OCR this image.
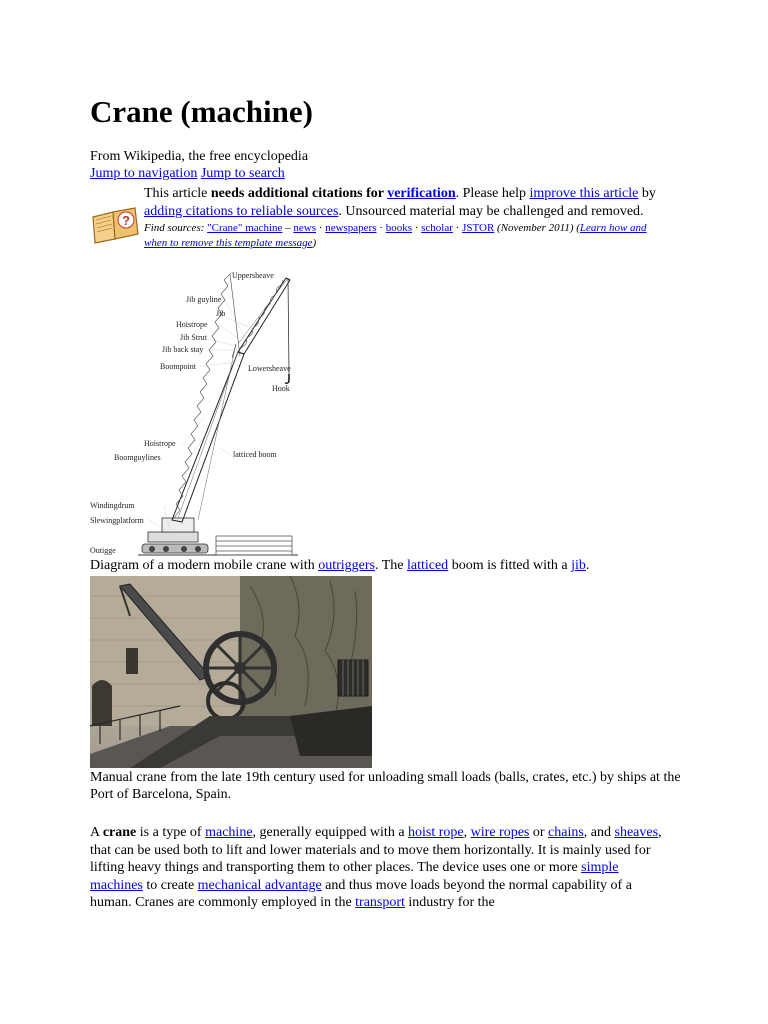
Crane (machine)

From Wikipedia, the free encyclopedia

Jump to navigation Jump to search

?
This article needs additional citations for verification. Please help improve this article by adding citations to reliable sources. Unsourced material may be challenged and removed.
Find sources: "Crane" machine – news · newspapers · books · scholar · JSTOR (November 2011) (Learn how and when to remove this template message)
Uppersheave
Jib guyline
Jib
Hoistrope
Jib Strut
Jib back stay
Boompoint	Lowersheave
Hook
Hoistrope
Boomguylines	latticed boom
Windingdrum
Slewingplatform
Outigge

Diagram of a modern mobile crane with outriggers. The latticed boom is fitted with a jib.

Manual crane from the late 19th century used for unloading small loads (balls, crates, etc.) by ships at the Port of Barcelona, Spain.

A crane is a type of machine, generally equipped with a hoist rope, wire ropes or chains, and sheaves, that can be used both to lift and lower materials and to move them horizontally. It is mainly used for lifting heavy things and transporting them to other places. The device uses one or more simple machines to create mechanical advantage and thus move loads beyond the normal capability of a human. Cranes are commonly employed in the transport industry for the
